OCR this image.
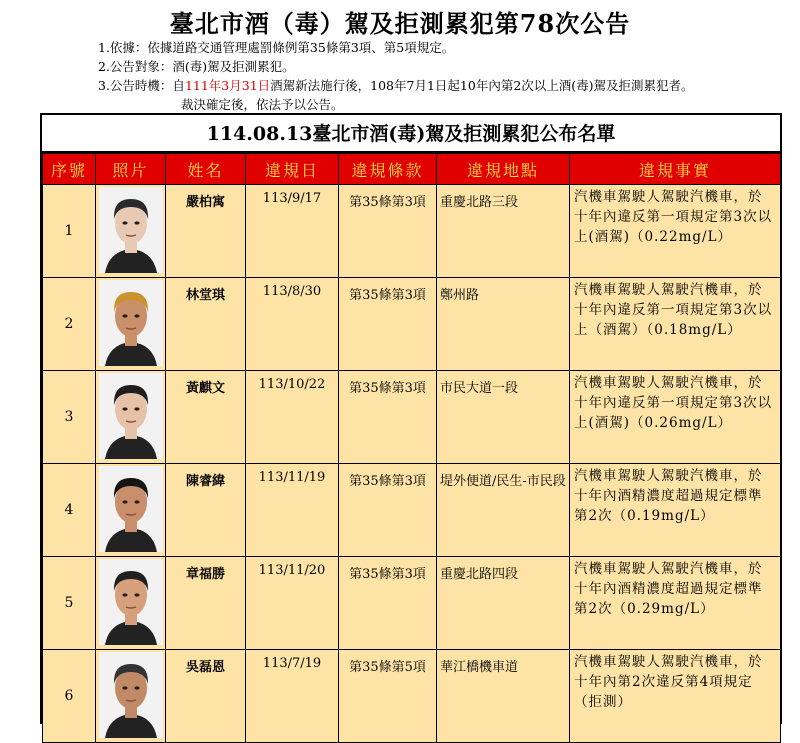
臺北市酒（毒）駕及拒測累犯第78次公告
1.依據：依據道路交通管理處罰條例第35條第3項、第5項規定。
2.公告對象：酒(毒)駕及拒測累犯。
3.公告時機：自111年3月31日酒駕新法施行後，108年7月1日起10年內第2次以上酒(毒)駕及拒測累犯者。
裁決確定後，依法予以公告。
114.08.13臺北市酒(毒)駕及拒測累犯公布名單
序號	照片	姓名	違規日	違規條款	違規地點	違規事實
1		嚴柏寓	113/9/17	第35條第3項	重慶北路三段	汽機車駕駛人駕駛汽機車，於十年內違反第一項規定第3次以上(酒駕)（0.22mg/L）
2		林堂琪	113/8/30	第35條第3項	鄭州路	汽機車駕駛人駕駛汽機車，於十年內違反第一項規定第3次以上（酒駕）（0.18mg/L）
3		黃麒文	113/10/22	第35條第3項	市民大道一段	汽機車駕駛人駕駛汽機車，於十年內違反第一項規定第3次以上(酒駕)（0.26mg/L）
4		陳睿緯	113/11/19	第35條第3項	堤外便道/民生-市民段	汽機車駕駛人駕駛汽機車，於十年內酒精濃度超過規定標準第2次（0.19mg/L）
5		章福勝	113/11/20	第35條第3項	重慶北路四段	汽機車駕駛人駕駛汽機車，於十年內酒精濃度超過規定標準第2次（0.29mg/L）
6		吳磊恩	113/7/19	第35條第5項	華江橋機車道	汽機車駕駛人駕駛汽機車，於十年內第2次違反第4項規定（拒測）
